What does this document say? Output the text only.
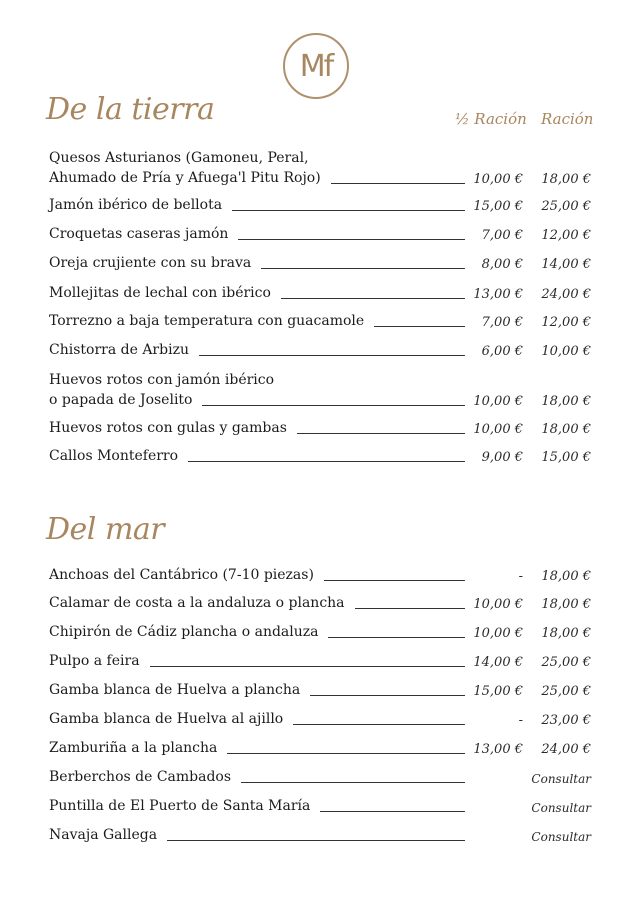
Mf
De la tierra	½ Ración Ración
Quesos Asturianos (Gamoneu, Peral,
Ahumado de Pría y Afuega'l Pitu Rojo)	10,00 €	18,00 €
Jamón ibérico de bellota	15,00 €	25,00 €
Croquetas caseras jamón	7,00 €	12,00 €
Oreja crujiente con su brava	8,00 €	14,00 €
Mollejitas de lechal con ibérico	13,00 €	24,00 €
Torrezno a baja temperatura con guacamole	7,00 €	12,00 €
Chistorra de Arbizu	6,00 €	10,00 €
Huevos rotos con jamón ibérico
o papada de Joselito	10,00 €	18,00 €
Huevos rotos con gulas y gambas	10,00 €	18,00 €
Callos Monteferro	9,00 €	15,00 €
Del mar
Anchoas del Cantábrico (7-10 piezas)	-	18,00 €
Calamar de costa a la andaluza o plancha	10,00 €	18,00 €
Chipirón de Cádiz plancha o andaluza	10,00 €	18,00 €
Pulpo a feira	14,00 €	25,00 €
Gamba blanca de Huelva a plancha	15,00 €	25,00 €
Gamba blanca de Huelva al ajillo	-	23,00 €
Zamburiña a la plancha	13,00 €	24,00 €
Berberchos de Cambados	Consultar
Puntilla de El Puerto de Santa María	Consultar
Navaja Gallega	Consultar
